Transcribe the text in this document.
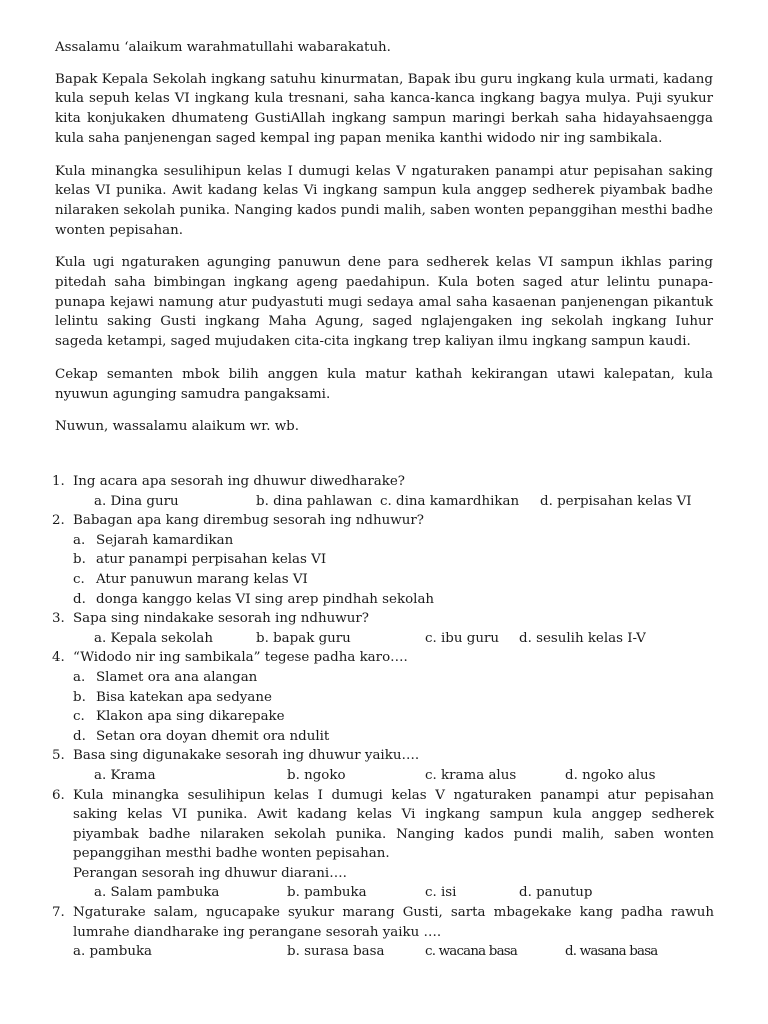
Assalamu ‘alaikum warahmatullahi wabarakatuh.

Bapak Kepala Sekolah ingkang satuhu kinurmatan, Bapak ibu guru ingkang kula urmati, kadang kula sepuh kelas VI ingkang kula tresnani, saha kanca-kanca ingkang bagya mulya. Puji syukur kita konjukaken dhumateng GustiAllah ingkang sampun maringi berkah saha hidayahsaengga kula saha panjenengan saged kempal ing papan menika kanthi widodo nir ing sambikala.

Kula minangka sesulihipun kelas I dumugi kelas V ngaturaken panampi atur pepisahan saking kelas VI punika. Awit kadang kelas Vi ingkang sampun kula anggep sedherek piyambak badhe nilaraken sekolah punika. Nanging kados pundi malih, saben wonten pepanggihan mesthi badhe wonten pepisahan.

Kula ugi ngaturaken agunging panuwun dene para sedherek kelas VI sampun ikhlas paring pitedah saha bimbingan ingkang ageng paedahipun. Kula boten saged atur lelintu punapa-punapa kejawi namung atur pudyastuti mugi sedaya amal saha kasaenan panjenengan pikantuk lelintu saking Gusti ingkang Maha Agung, saged nglajengaken ing sekolah ingkang Iuhur sageda ketampi, saged mujudaken cita-cita ingkang trep kaliyan ilmu ingkang sampun kaudi.

Cekap semanten mbok bilih anggen kula matur kathah kekirangan utawi kalepatan, kula nyuwun agunging samudra pangaksami.

Nuwun, wassalamu alaikum wr. wb.

1. Ing acara apa sesorah ing dhuwur diwedharake?
a. Dina guru	b. dina pahlawan c. dina kamardhikan d. perpisahan kelas VI
2. Babagan apa kang dirembug sesorah ing ndhuwur?
a. Sejarah kamardikan
b. atur panampi perpisahan kelas VI
c. Atur panuwun marang kelas VI
d. donga kanggo kelas VI sing arep pindhah sekolah
3. Sapa sing nindakake sesorah ing ndhuwur?
a. Kepala sekolah	b. bapak guru	c. ibu guru d. sesulih kelas I-V
4. “Widodo nir ing sambikala” tegese padha karo….
a. Slamet ora ana alangan
b. Bisa katekan apa sedyane
c. Klakon apa sing dikarepake
d. Setan ora doyan dhemit ora ndulit
5. Basa sing digunakake sesorah ing dhuwur yaiku….
a. Krama	b. ngoko	c. krama alus	d. ngoko alus
6. Kula minangka sesulihipun kelas I dumugi kelas V ngaturaken panampi atur pepisahan saking kelas VI punika. Awit kadang kelas Vi ingkang sampun kula anggep sedherek piyambak badhe nilaraken sekolah punika. Nanging kados pundi malih, saben wonten pepanggihan mesthi badhe wonten pepisahan.
Perangan sesorah ing dhuwur diarani….
a. Salam pambuka	b. pambuka	c. isi	d. panutup
7. Ngaturake salam, ngucapake syukur marang Gusti, sarta mbagekake kang padha rawuh lumrahe diandharake ing perangane sesorah yaiku ….
a. pambuka	b. surasa basa	c. wacana basa	d. wasana basa
